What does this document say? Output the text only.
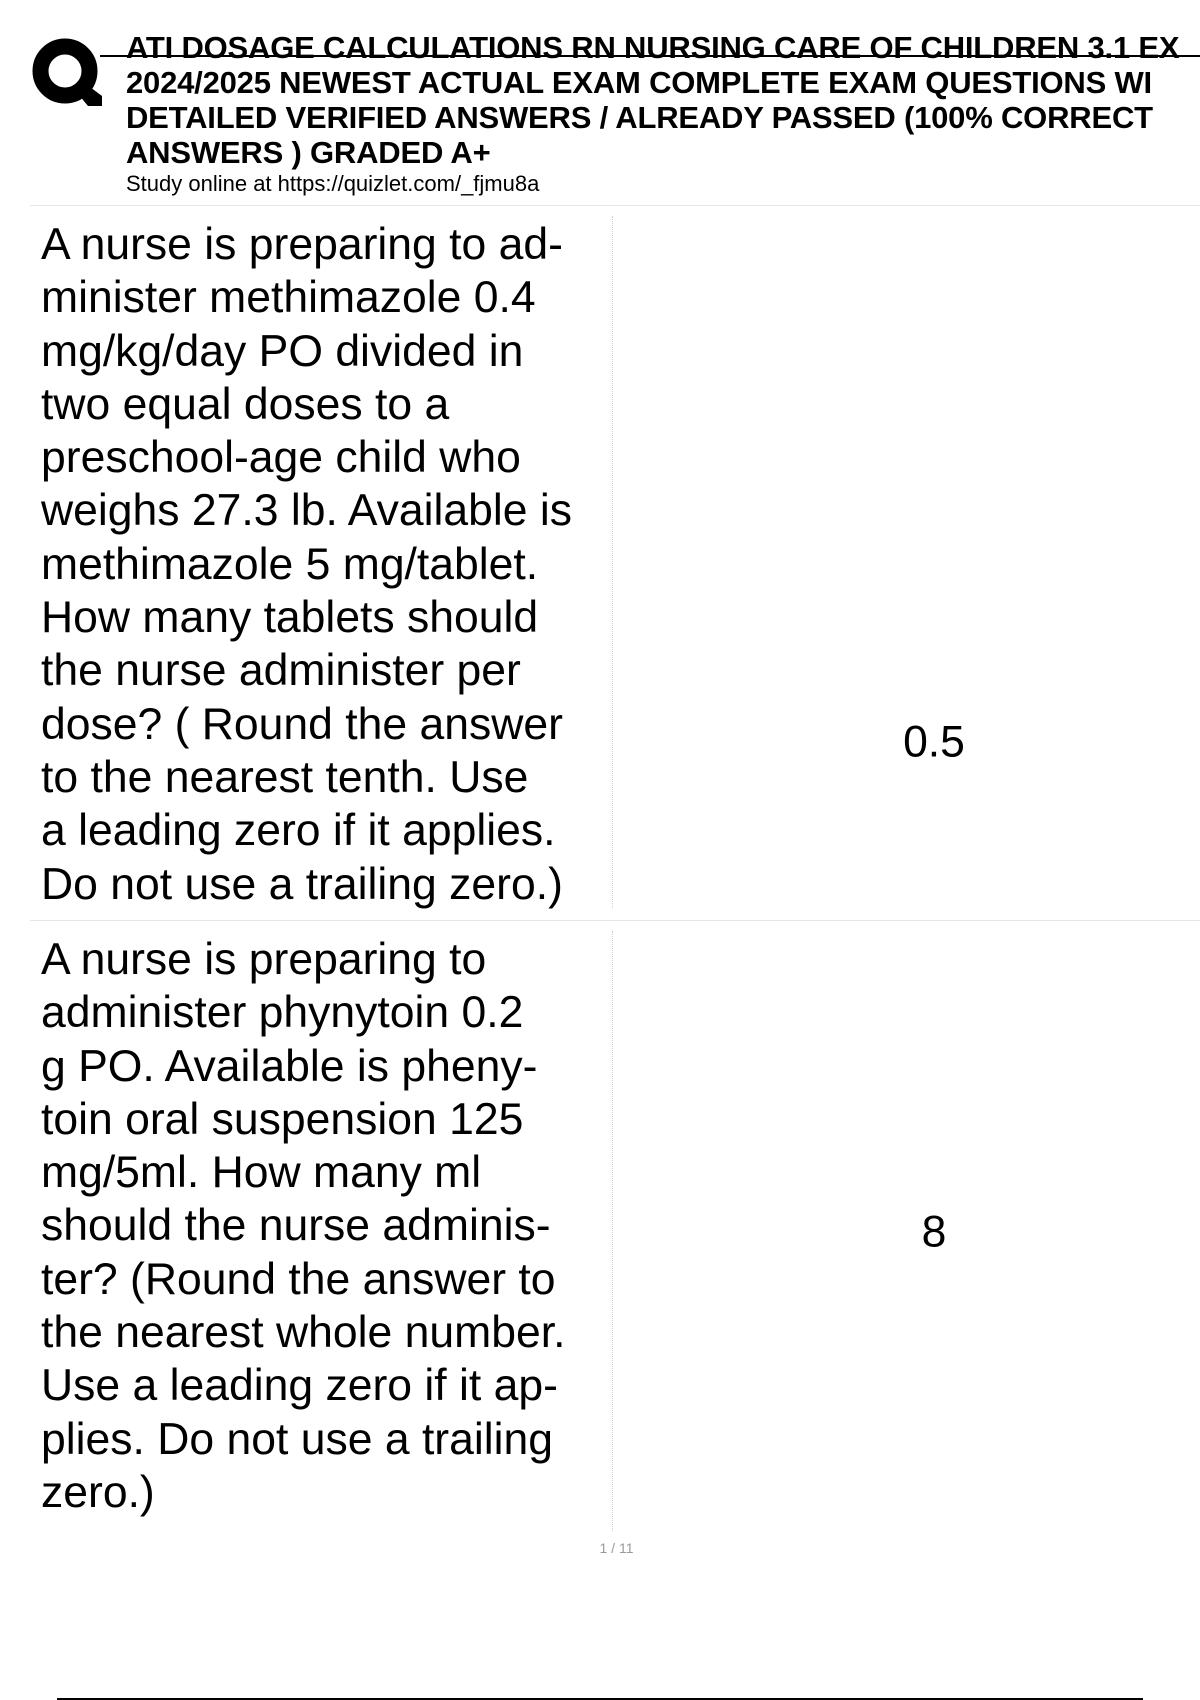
ATI DOSAGE CALCULATIONS RN NURSING CARE OF CHILDREN 3.1 EX
2024/2025 NEWEST ACTUAL EXAM COMPLETE EXAM QUESTIONS WI
DETAILED VERIFIED ANSWERS / ALREADY PASSED (100% CORRECT
ANSWERS ) GRADED A+
Study online at https://quizlet.com/_fjmu8a
A nurse is preparing to ad-
minister methimazole 0.4
mg/kg/day PO divided in
two equal doses to a
preschool-age child who
weighs 27.3 lb. Available is
methimazole 5 mg/tablet.
How many tablets should
the nurse administer per
dose? ( Round the answer
to the nearest tenth. Use
a leading zero if it applies.
Do not use a trailing zero.)
0.5
A nurse is preparing to
administer phynytoin 0.2
g PO. Available is pheny-
toin oral suspension 125
mg/5ml. How many ml
should the nurse adminis-
ter? (Round the answer to
the nearest whole number.
Use a leading zero if it ap-
plies. Do not use a trailing
zero.)
8
1 / 11
